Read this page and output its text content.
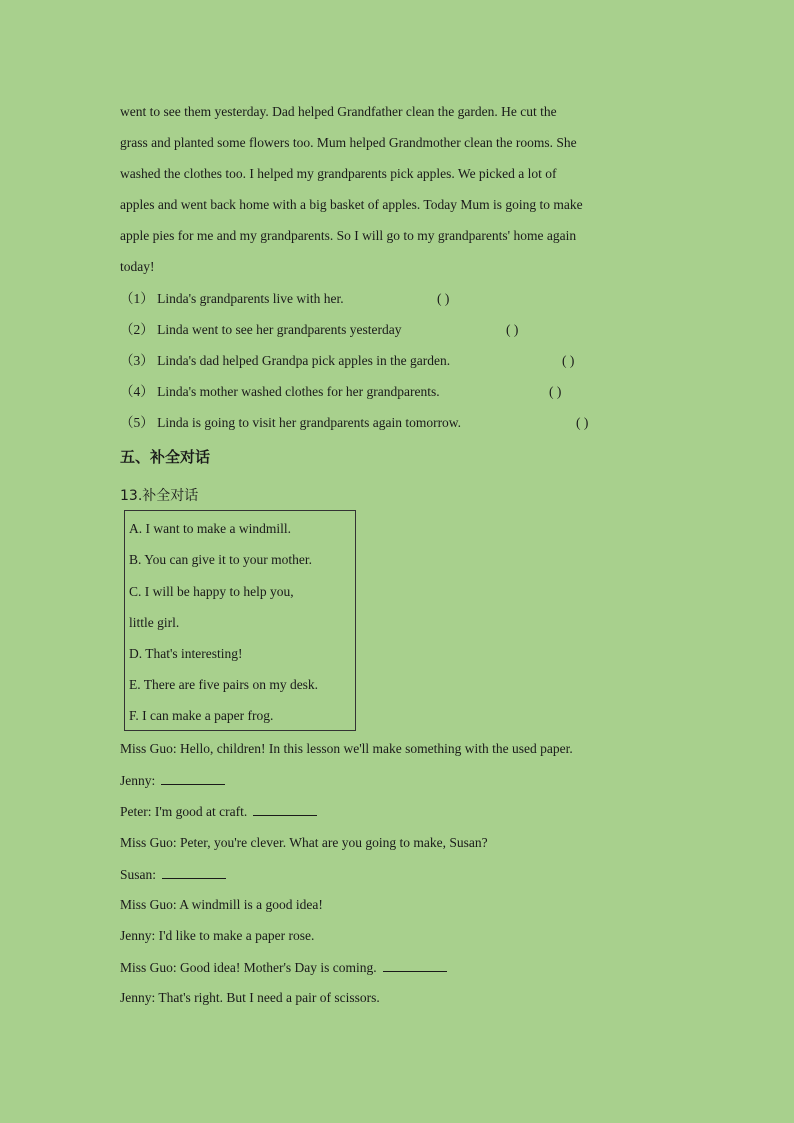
went to see them yesterday. Dad helped Grandfather clean the garden. He cut the
grass and planted some flowers too. Mum helped Grandmother clean the rooms. She
washed the clothes too. I helped my grandparents pick apples. We picked a lot of
apples and went back home with a big basket of apples. Today Mum is going to make
apple pies for me and my grandparents. So I will go to my grandparents' home again
today!
（1） Linda's grandparents live with her.	( )
（2） Linda went to see her grandparents yesterday	( )
（3） Linda's dad helped Grandpa pick apples in the garden.	( )
（4） Linda's mother washed clothes for her grandparents.	( )
（5） Linda is going to visit her grandparents again tomorrow.	( )
五、补全对话
13.补全对话
A. I want to make a windmill.
B. You can give it to your mother.
C. I will be happy to help you,
little girl.
D. That's interesting!
E. There are five pairs on my desk.
F. I can make a paper frog.
Miss Guo: Hello, children! In this lesson we'll make something with the used paper.
Jenny:
Peter: I'm good at craft.
Miss Guo: Peter, you're clever. What are you going to make, Susan?
Susan:
Miss Guo: A windmill is a good idea!
Jenny: I'd like to make a paper rose.
Miss Guo: Good idea! Mother's Day is coming.
Jenny: That's right. But I need a pair of scissors.
